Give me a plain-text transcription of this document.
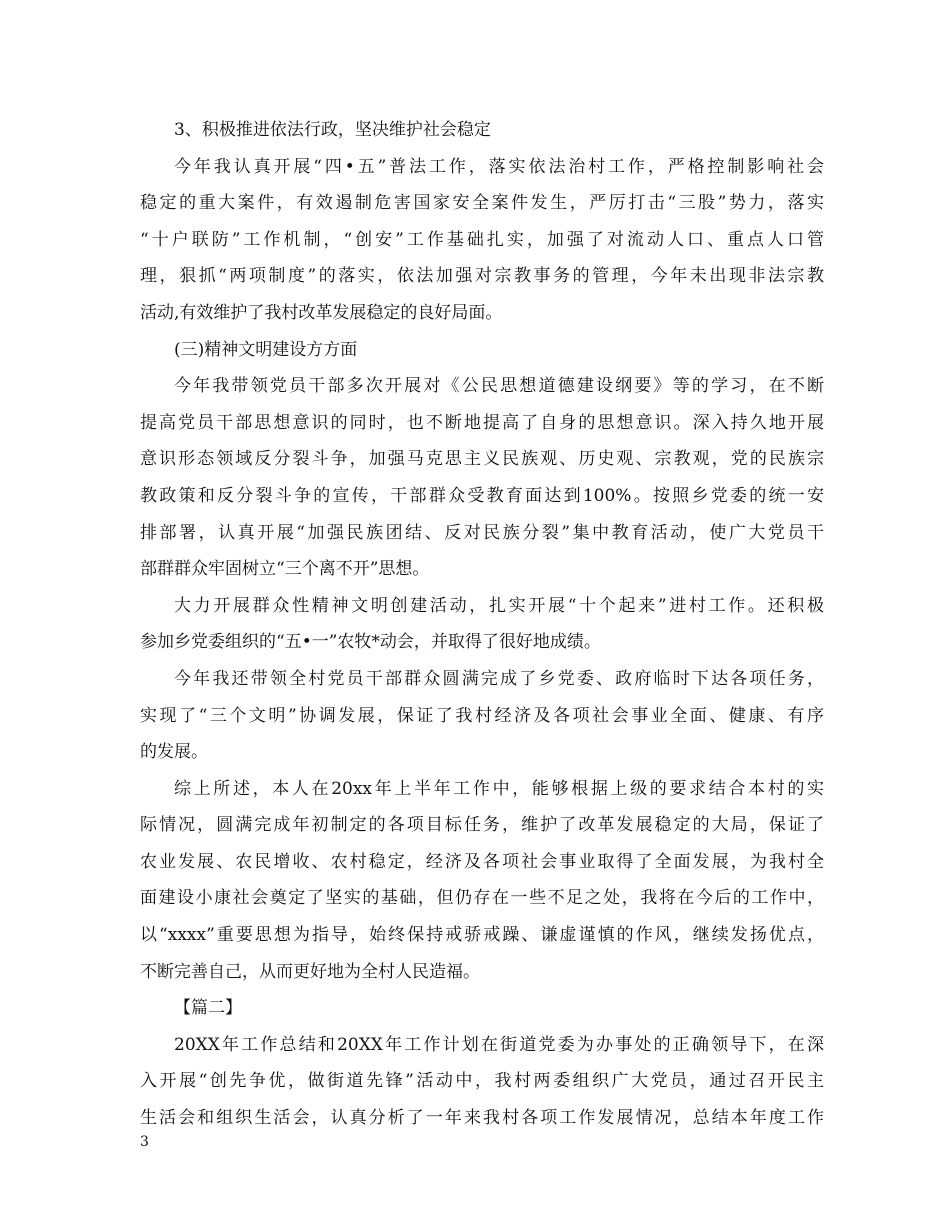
3、积极推进依法行政，坚决维护社会稳定
今年我认真开展“四•五”普法工作，落实依法治村工作，严格控制影响社会
稳定的重大案件，有效遏制危害国家安全案件发生，严厉打击“三股”势力，落实
“十户联防”工作机制，“创安”工作基础扎实，加强了对流动人口、重点人口管
理，狠抓“两项制度”的落实，依法加强对宗教事务的管理，今年未出现非法宗教
活动,有效维护了我村改革发展稳定的良好局面。
(三)精神文明建设方方面
今年我带领党员干部多次开展对《公民思想道德建设纲要》等的学习，在不断
提高党员干部思想意识的同时，也不断地提高了自身的思想意识。深入持久地开展
意识形态领域反分裂斗争，加强马克思主义民族观、历史观、宗教观，党的民族宗
教政策和反分裂斗争的宣传，干部群众受教育面达到100%。按照乡党委的统一安
排部署，认真开展“加强民族团结、反对民族分裂”集中教育活动，使广大党员干
部群群众牢固树立“三个离不开”思想。
大力开展群众性精神文明创建活动，扎实开展“十个起来”进村工作。还积极
参加乡党委组织的“五•一”农牧*动会，并取得了很好地成绩。
今年我还带领全村党员干部群众圆满完成了乡党委、政府临时下达各项任务，
实现了“三个文明”协调发展，保证了我村经济及各项社会事业全面、健康、有序
的发展。
综上所述，本人在20xx年上半年工作中，能够根据上级的要求结合本村的实
际情况，圆满完成年初制定的各项目标任务，维护了改革发展稳定的大局，保证了
农业发展、农民增收、农村稳定，经济及各项社会事业取得了全面发展，为我村全
面建设小康社会奠定了坚实的基础，但仍存在一些不足之处，我将在今后的工作中，
以“xxxx”重要思想为指导，始终保持戒骄戒躁、谦虚谨慎的作风，继续发扬优点，
不断完善自己，从而更好地为全村人民造福。
【篇二】
20XX年工作总结和20XX年工作计划在街道党委为办事处的正确领导下，在深
入开展“创先争优，做街道先锋”活动中，我村两委组织广大党员，通过召开民主
生活会和组织生活会，认真分析了一年来我村各项工作发展情况，总结本年度工作
3
